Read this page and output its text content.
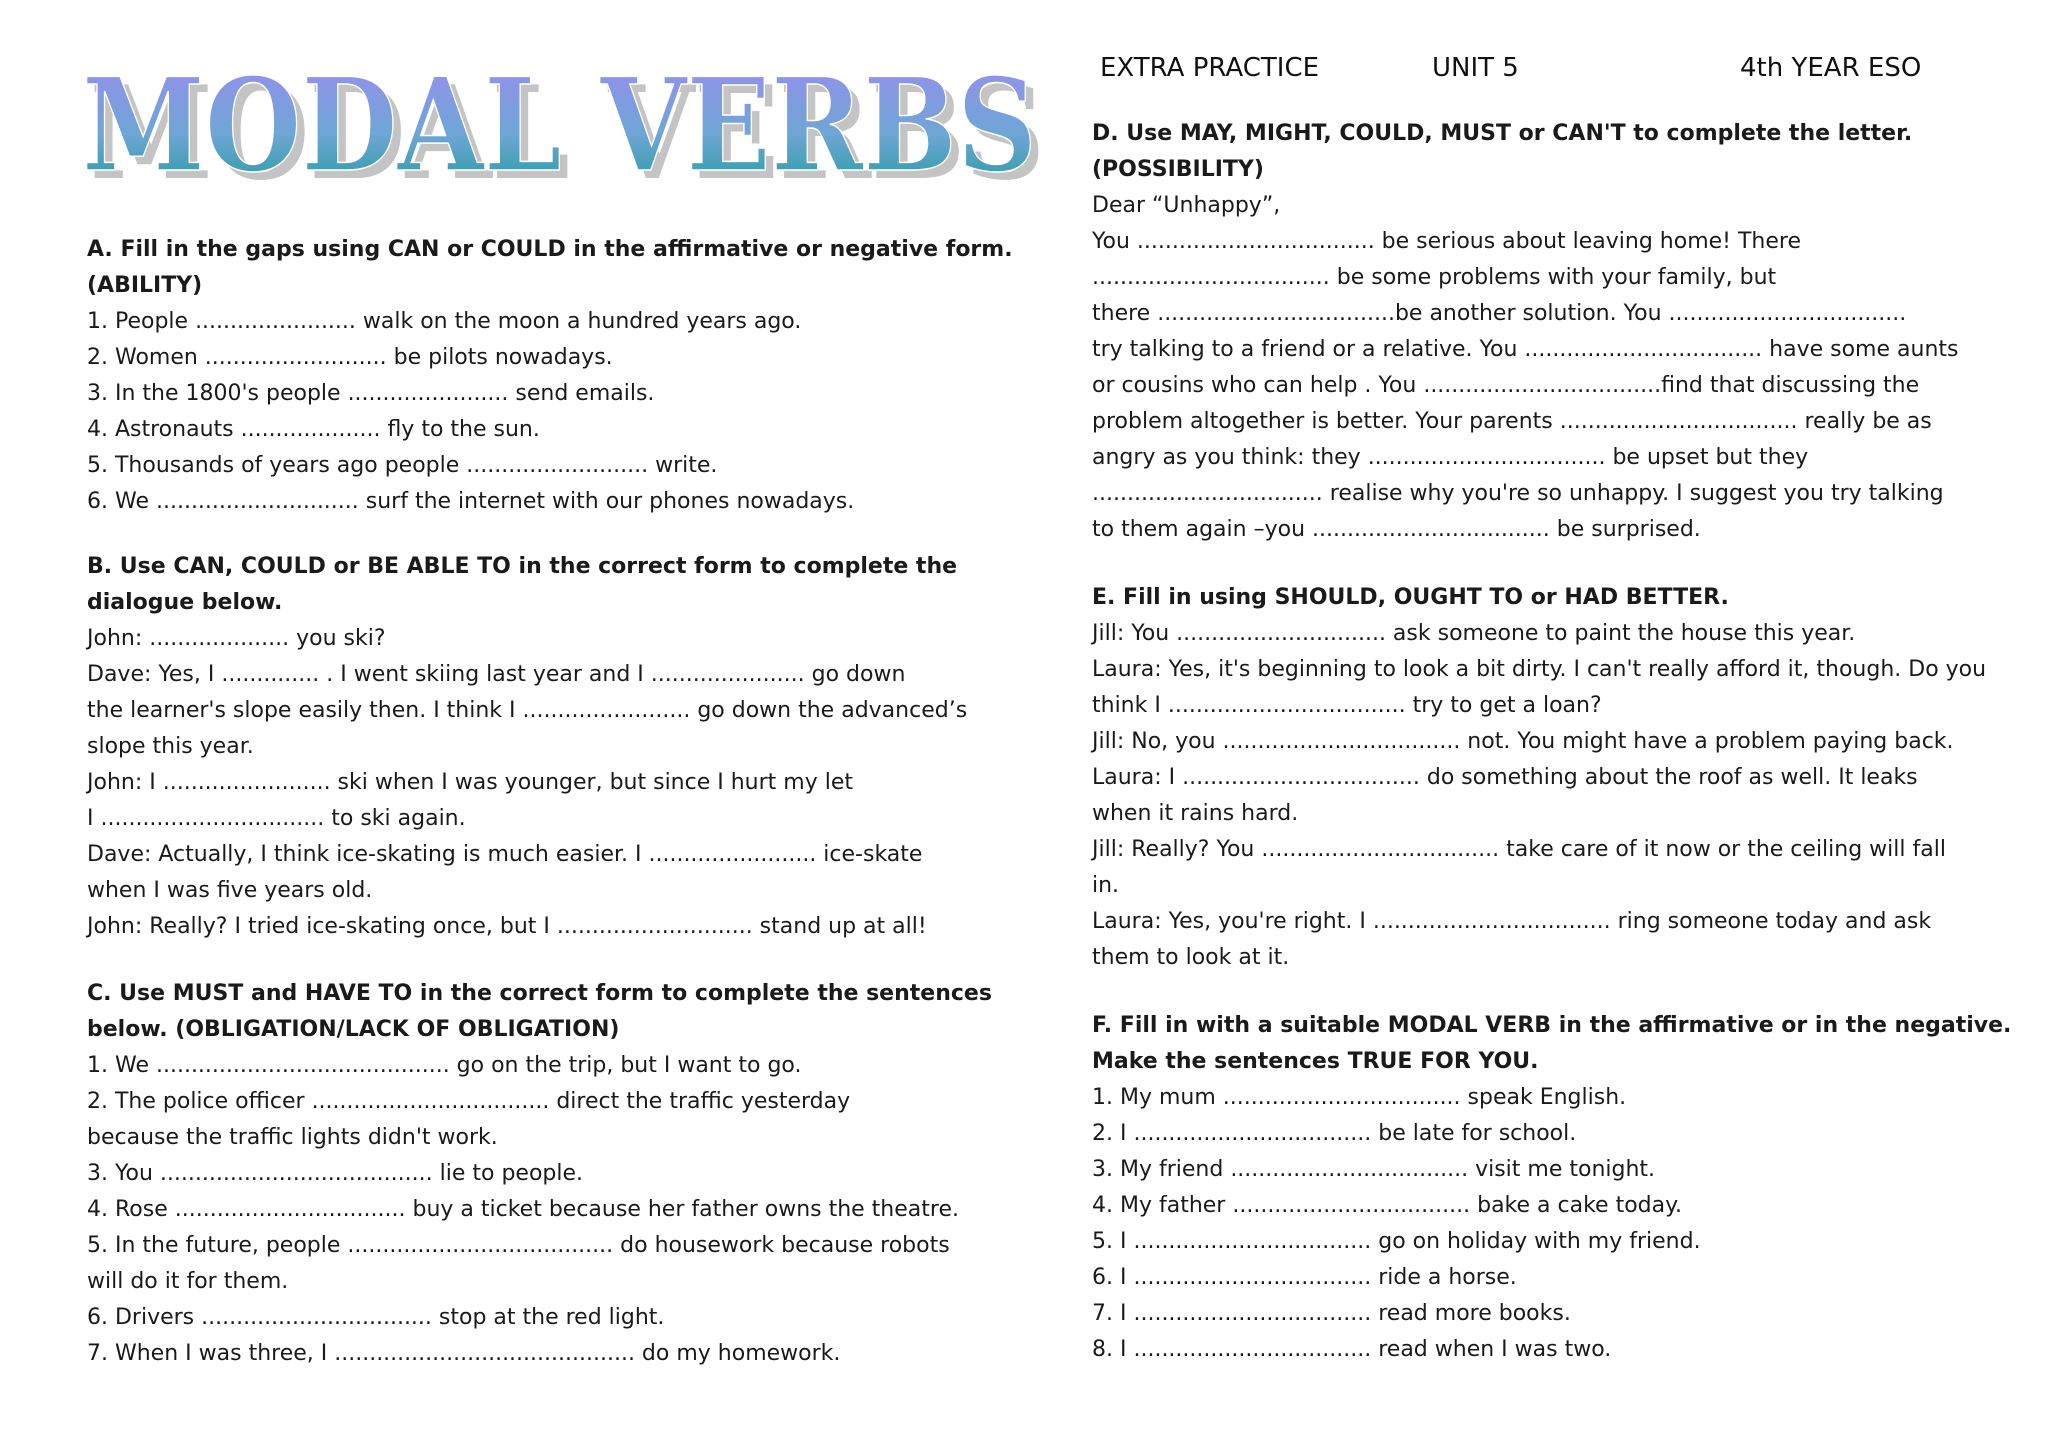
EXTRA PRACTICE	UNIT 5	4th YEAR ESO
MODAL VERBS
MODAL VERBS
A. Fill in the gaps using CAN or COULD in the affirmative or negative form.
(ABILITY)
1. People ....................... walk on the moon a hundred years ago.
2. Women .......................... be pilots nowadays.
3. In the 1800's people ....................... send emails.
4. Astronauts .................... fly to the sun.
5. Thousands of years ago people .......................... write.
6. We ............................. surf the internet with our phones nowadays.
B. Use CAN, COULD or BE ABLE TO in the correct form to complete the
dialogue below.
John: .................... you ski?
Dave: Yes, I .............. . I went skiing last year and I ...................... go down
the learner's slope easily then. I think I ........................ go down the advanced’s
slope this year.
John: I ........................ ski when I was younger, but since I hurt my let
I ................................ to ski again.
Dave: Actually, I think ice-skating is much easier. I ........................ ice-skate
when I was five years old.
John: Really? I tried ice-skating once, but I ............................ stand up at all!
C. Use MUST and HAVE TO in the correct form to complete the sentences
below. (OBLIGATION/LACK OF OBLIGATION)
1. We .......................................... go on the trip, but I want to go.
2. The police officer .................................. direct the traffic yesterday
because the traffic lights didn't work.
3. You ....................................... lie to people.
4. Rose ................................. buy a ticket because her father owns the theatre.
5. In the future, people ...................................... do housework because robots
will do it for them.
6. Drivers ................................. stop at the red light.
7. When I was three, I ........................................... do my homework.
D. Use MAY, MIGHT, COULD, MUST or CAN'T to complete the letter.
(POSSIBILITY)
Dear “Unhappy”,
You .................................. be serious about leaving home! There
.................................. be some problems with your family, but
there ..................................be another solution. You ..................................
try talking to a friend or a relative. You .................................. have some aunts
or cousins who can help . You ..................................find that discussing the
problem altogether is better. Your parents .................................. really be as
angry as you think: they .................................. be upset but they
................................. realise why you're so unhappy. I suggest you try talking
to them again –you .................................. be surprised.
E. Fill in using SHOULD, OUGHT TO or HAD BETTER.
Jill: You .............................. ask someone to paint the house this year.
Laura: Yes, it's beginning to look a bit dirty. I can't really afford it, though. Do you
think I .................................. try to get a loan?
Jill: No, you .................................. not. You might have a problem paying back.
Laura: I .................................. do something about the roof as well. It leaks
when it rains hard.
Jill: Really? You .................................. take care of it now or the ceiling will fall
in.
Laura: Yes, you're right. I .................................. ring someone today and ask
them to look at it.
F. Fill in with a suitable MODAL VERB in the affirmative or in the negative.
Make the sentences TRUE FOR YOU.
1. My mum .................................. speak English.
2. I .................................. be late for school.
3. My friend .................................. visit me tonight.
4. My father .................................. bake a cake today.
5. I .................................. go on holiday with my friend.
6. I .................................. ride a horse.
7. I .................................. read more books.
8. I .................................. read when I was two.
